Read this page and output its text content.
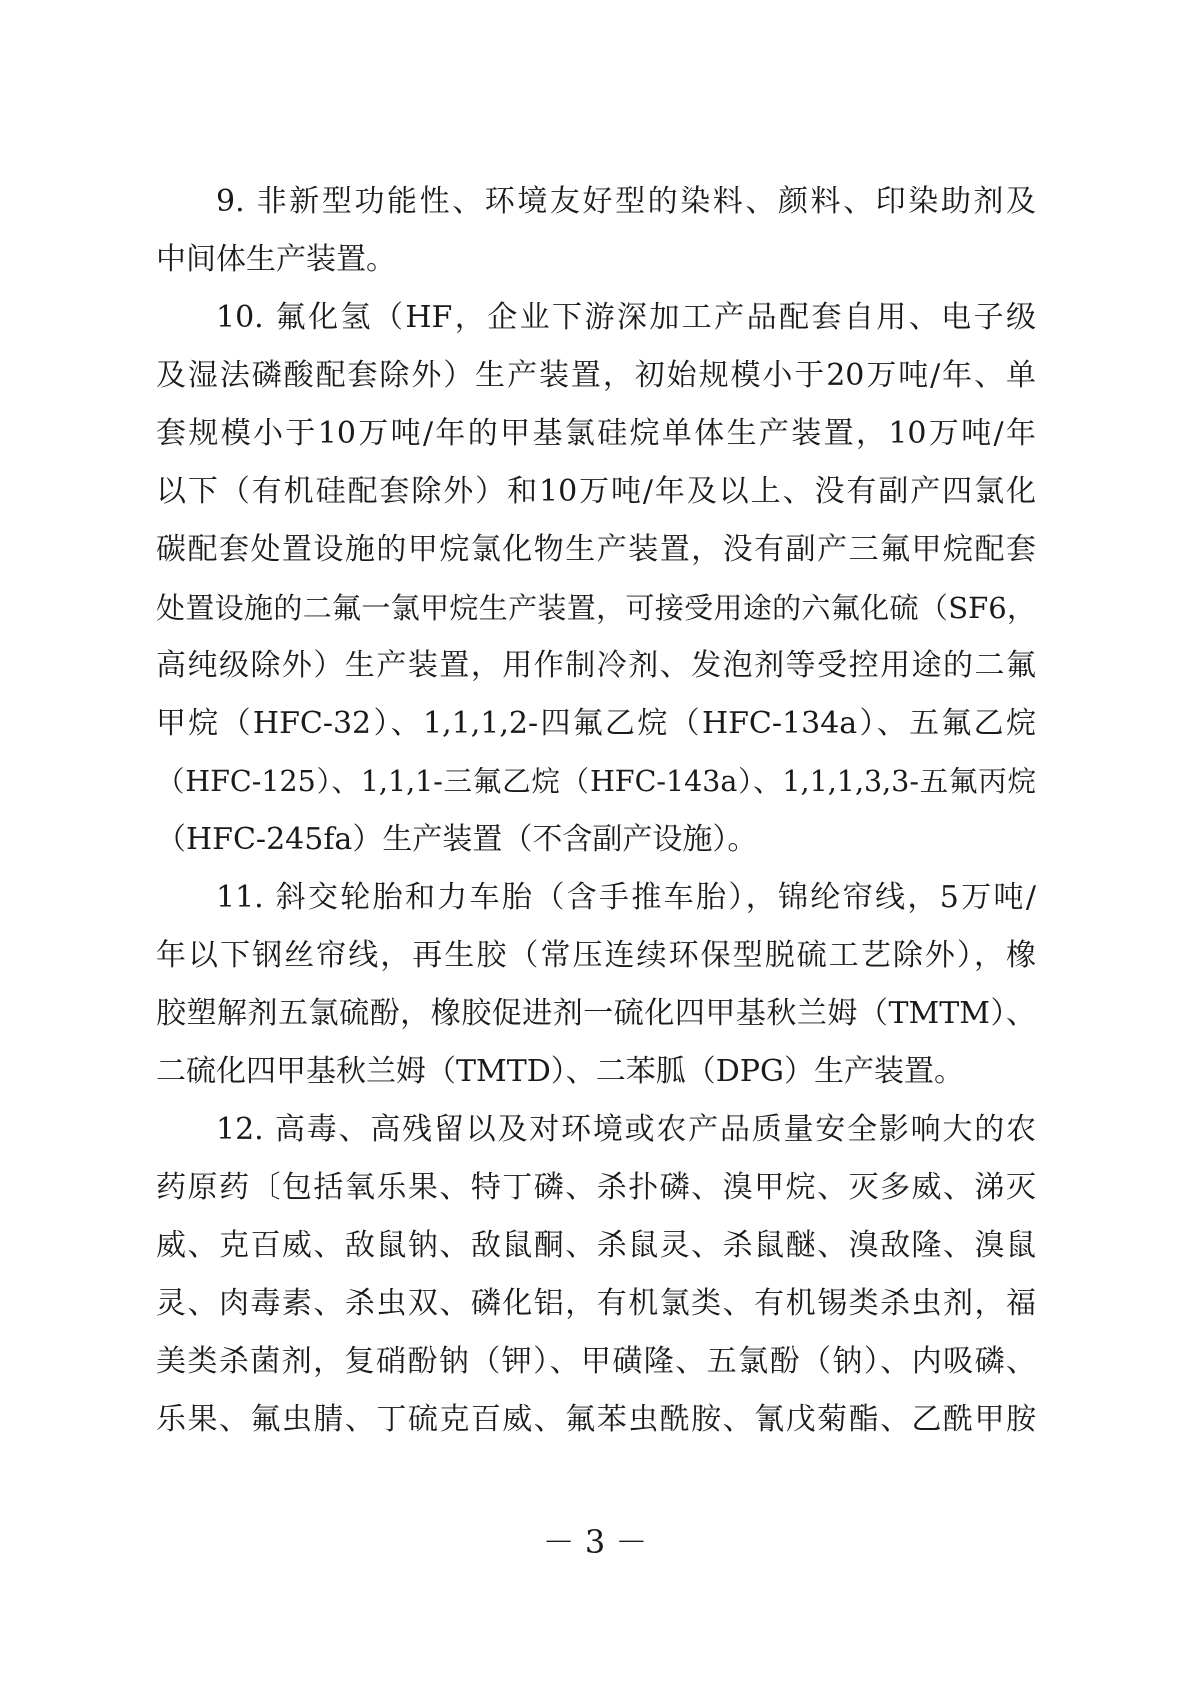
9. 非新型功能性、环境友好型的染料、颜料、印染助剂及
中间体生产装置。
10. 氟化氢（HF，企业下游深加工产品配套自用、电子级
及湿法磷酸配套除外）生产装置，初始规模小于20万吨/年、单
套规模小于10万吨/年的甲基氯硅烷单体生产装置，10万吨/年
以下（有机硅配套除外）和10万吨/年及以上、没有副产四氯化
碳配套处置设施的甲烷氯化物生产装置，没有副产三氟甲烷配套
处置设施的二氟一氯甲烷生产装置，可接受用途的六氟化硫（SF6，
高纯级除外）生产装置，用作制冷剂、发泡剂等受控用途的二氟
甲烷（HFC-32）、1,1,1,2-四氟乙烷（HFC-134a）、五氟乙烷
（HFC-125）、1,1,1-三氟乙烷（HFC-143a）、1,1,1,3,3-五氟丙烷
（HFC-245fa）生产装置（不含副产设施）。
11. 斜交轮胎和力车胎（含手推车胎），锦纶帘线，5万吨/
年以下钢丝帘线，再生胶（常压连续环保型脱硫工艺除外），橡
胶塑解剂五氯硫酚，橡胶促进剂一硫化四甲基秋兰姆（TMTM）、
二硫化四甲基秋兰姆（TMTD）、二苯胍（DPG）生产装置。
12. 高毒、高残留以及对环境或农产品质量安全影响大的农
药原药〔包括氧乐果、特丁磷、杀扑磷、溴甲烷、灭多威、涕灭
威、克百威、敌鼠钠、敌鼠酮、杀鼠灵、杀鼠醚、溴敌隆、溴鼠
灵、肉毒素、杀虫双、磷化铝，有机氯类、有机锡类杀虫剂，福
美类杀菌剂，复硝酚钠（钾）、甲磺隆、五氯酚（钠）、内吸磷、
乐果、氟虫腈、丁硫克百威、氟苯虫酰胺、氰戊菊酯、乙酰甲胺
－ 3 －
